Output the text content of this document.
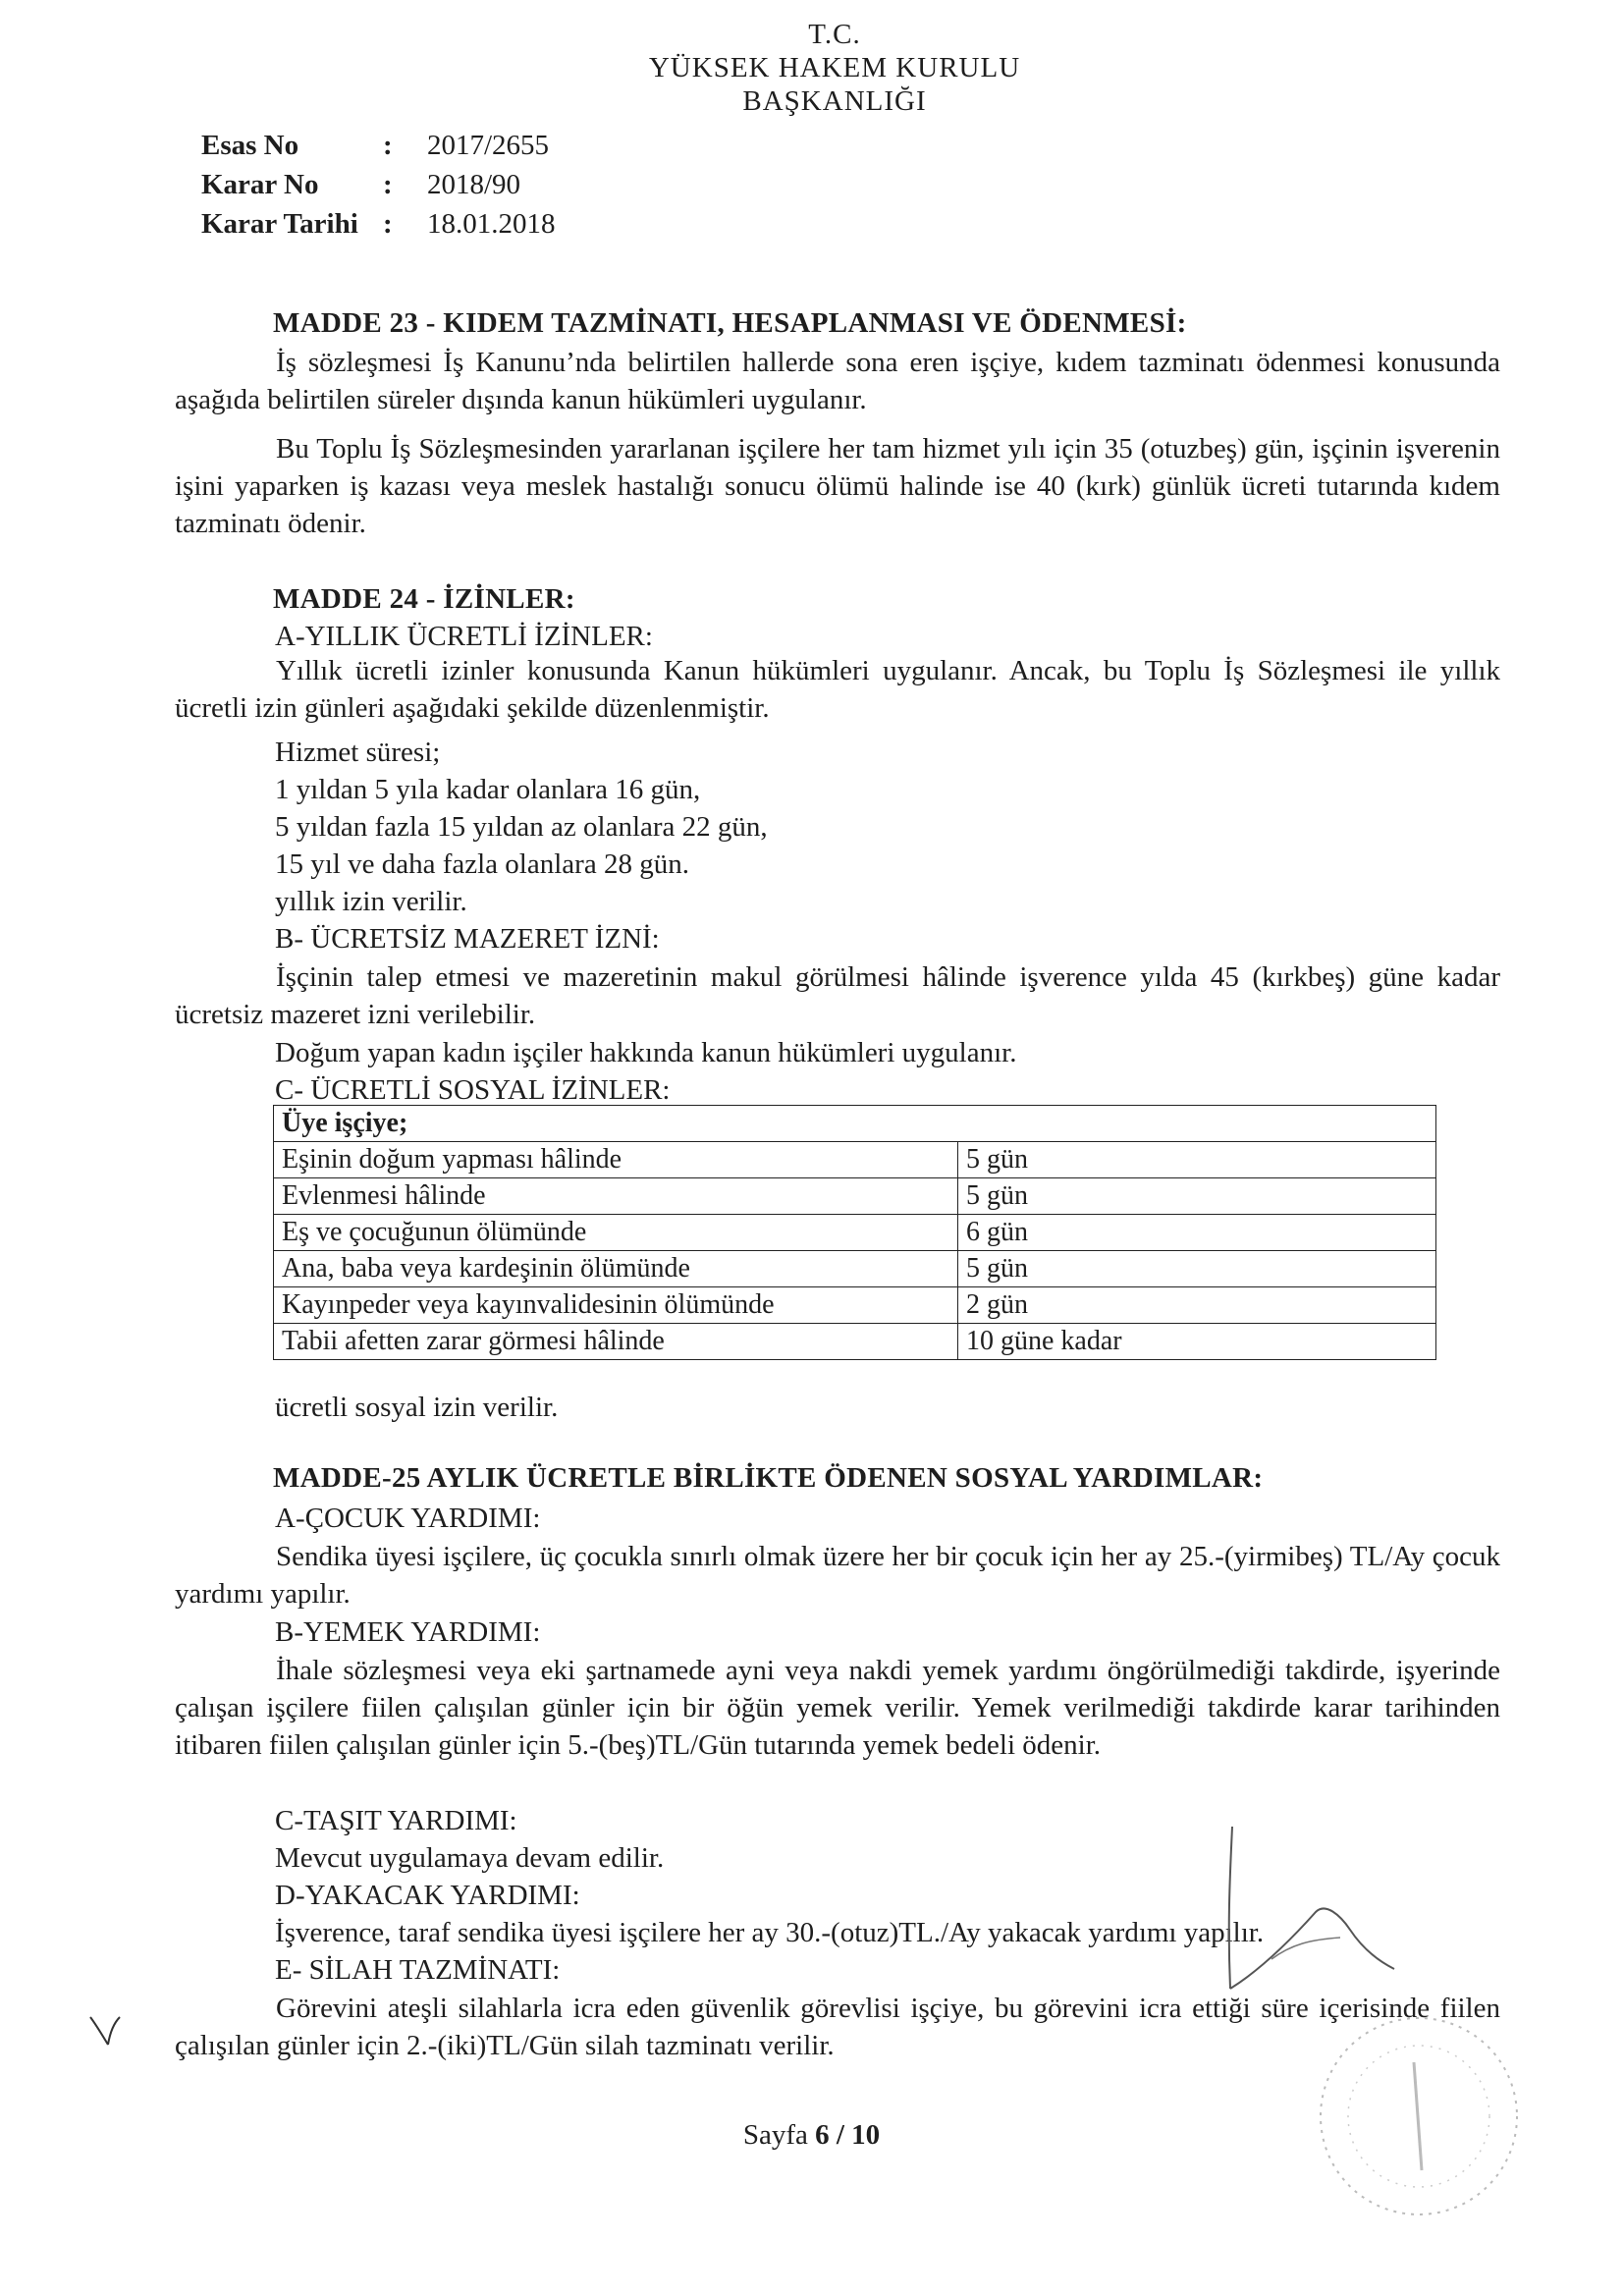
T.C.
YÜKSEK HAKEM KURULU
BAŞKANLIĞI
Esas No	:	2017/2655
Karar No	:	2018/90
Karar Tarihi :	18.01.2018
MADDE 23 - KIDEM TAZMİNATI, HESAPLANMASI VE ÖDENMESİ:
İş sözleşmesi İş Kanunu’nda belirtilen hallerde sona eren işçiye, kıdem tazminatı ödenmesi konusunda aşağıda belirtilen süreler dışında kanun hükümleri uygulanır.
Bu Toplu İş Sözleşmesinden yararlanan işçilere her tam hizmet yılı için 35 (otuzbeş) gün, işçinin işverenin işini yaparken iş kazası veya meslek hastalığı sonucu ölümü halinde ise 40 (kırk) günlük ücreti tutarında kıdem tazminatı ödenir.
MADDE 24 - İZİNLER:
A-YILLIK ÜCRETLİ İZİNLER:
Yıllık ücretli izinler konusunda Kanun hükümleri uygulanır. Ancak, bu Toplu İş Sözleşmesi ile yıllık ücretli izin günleri aşağıdaki şekilde düzenlenmiştir.
Hizmet süresi;
1 yıldan 5 yıla kadar olanlara 16 gün,
5 yıldan fazla 15 yıldan az olanlara 22 gün,
15 yıl ve daha fazla olanlara 28 gün.
yıllık izin verilir.
B- ÜCRETSİZ MAZERET İZNİ:
İşçinin talep etmesi ve mazeretinin makul görülmesi hâlinde işverence yılda 45 (kırkbeş) güne kadar ücretsiz mazeret izni verilebilir.
Doğum yapan kadın işçiler hakkında kanun hükümleri uygulanır.
C- ÜCRETLİ SOSYAL İZİNLER:
Üye işçiye;	
Eşinin doğum yapması hâlinde	5 gün
Evlenmesi hâlinde	5 gün
Eş ve çocuğunun ölümünde	6 gün
Ana, baba veya kardeşinin ölümünde	5 gün
Kayınpeder veya kayınvalidesinin ölümünde	2 gün
Tabii afetten zarar görmesi hâlinde	10 güne kadar
ücretli sosyal izin verilir.
MADDE-25 AYLIK ÜCRETLE BİRLİKTE ÖDENEN SOSYAL YARDIMLAR:
A-ÇOCUK YARDIMI:
Sendika üyesi işçilere, üç çocukla sınırlı olmak üzere her bir çocuk için her ay 25.-(yirmibeş) TL/Ay çocuk yardımı yapılır.
B-YEMEK YARDIMI:
İhale sözleşmesi veya eki şartnamede ayni veya nakdi yemek yardımı öngörülmediği takdirde, işyerinde çalışan işçilere fiilen çalışılan günler için bir öğün yemek verilir. Yemek verilmediği takdirde karar tarihinden itibaren fiilen çalışılan günler için 5.-(beş)TL/Gün tutarında yemek bedeli ödenir.
C-TAŞIT YARDIMI:
Mevcut uygulamaya devam edilir.
D-YAKACAK YARDIMI:
İşverence, taraf sendika üyesi işçilere her ay 30.-(otuz)TL./Ay yakacak yardımı yapılır.
E- SİLAH TAZMİNATI:
Görevini ateşli silahlarla icra eden güvenlik görevlisi işçiye, bu görevini icra ettiği süre içerisinde fiilen çalışılan günler için 2.-(iki)TL/Gün silah tazminatı verilir.
Sayfa 6 / 10
